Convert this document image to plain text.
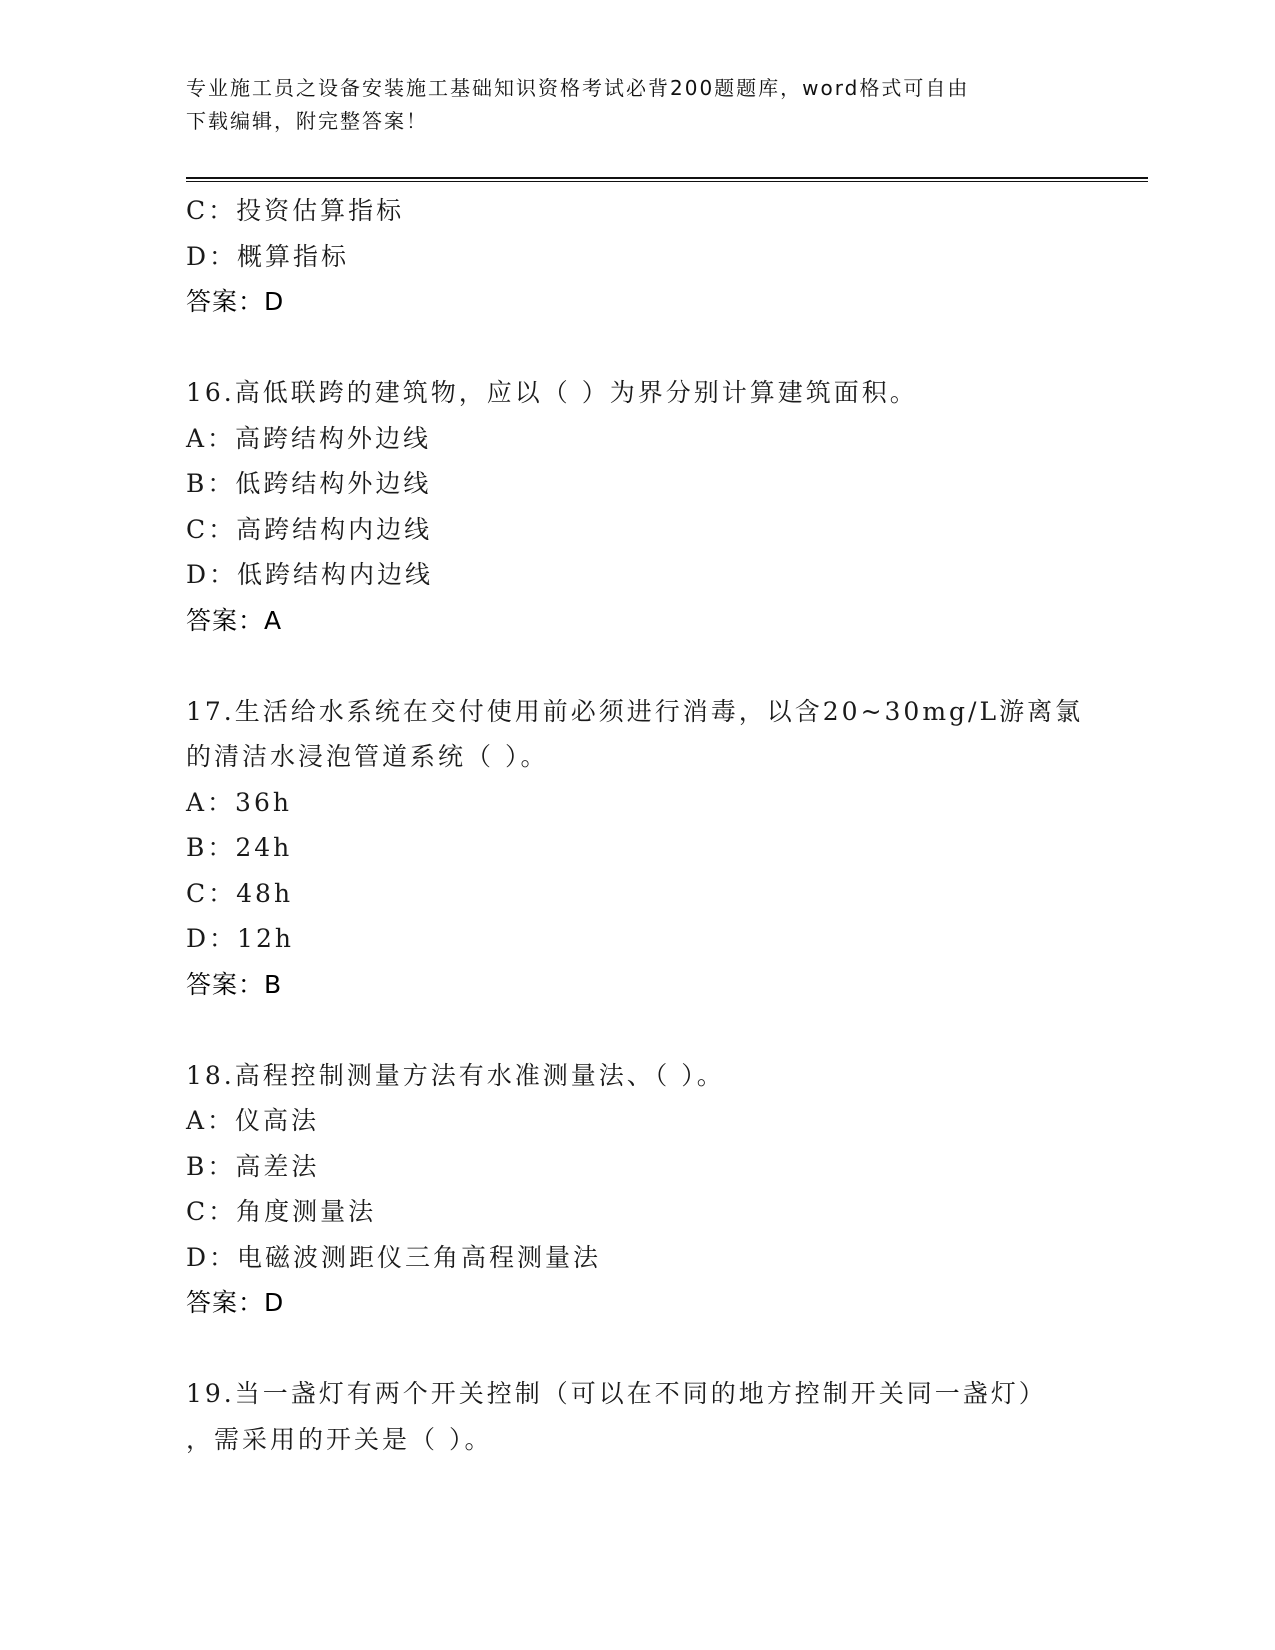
专业施工员之设备安装施工基础知识资格考试必背200题题库，word格式可自由
下载编辑，附完整答案！
C：投资估算指标
D：概算指标
答案：D
16.高低联跨的建筑物，应以（ ）为界分别计算建筑面积。
A：高跨结构外边线
B：低跨结构外边线
C：高跨结构内边线
D：低跨结构内边线
答案：A
17.生活给水系统在交付使用前必须进行消毒，以含20~30mg/L游离氯
的清洁水浸泡管道系统（ ）。
A：36h
B：24h
C：48h
D：12h
答案：B
18.高程控制测量方法有水准测量法、（ ）。
A：仪高法
B：高差法
C：角度测量法
D：电磁波测距仪三角高程测量法
答案：D
19.当一盏灯有两个开关控制（可以在不同的地方控制开关同一盏灯）
，需采用的开关是（ ）。
